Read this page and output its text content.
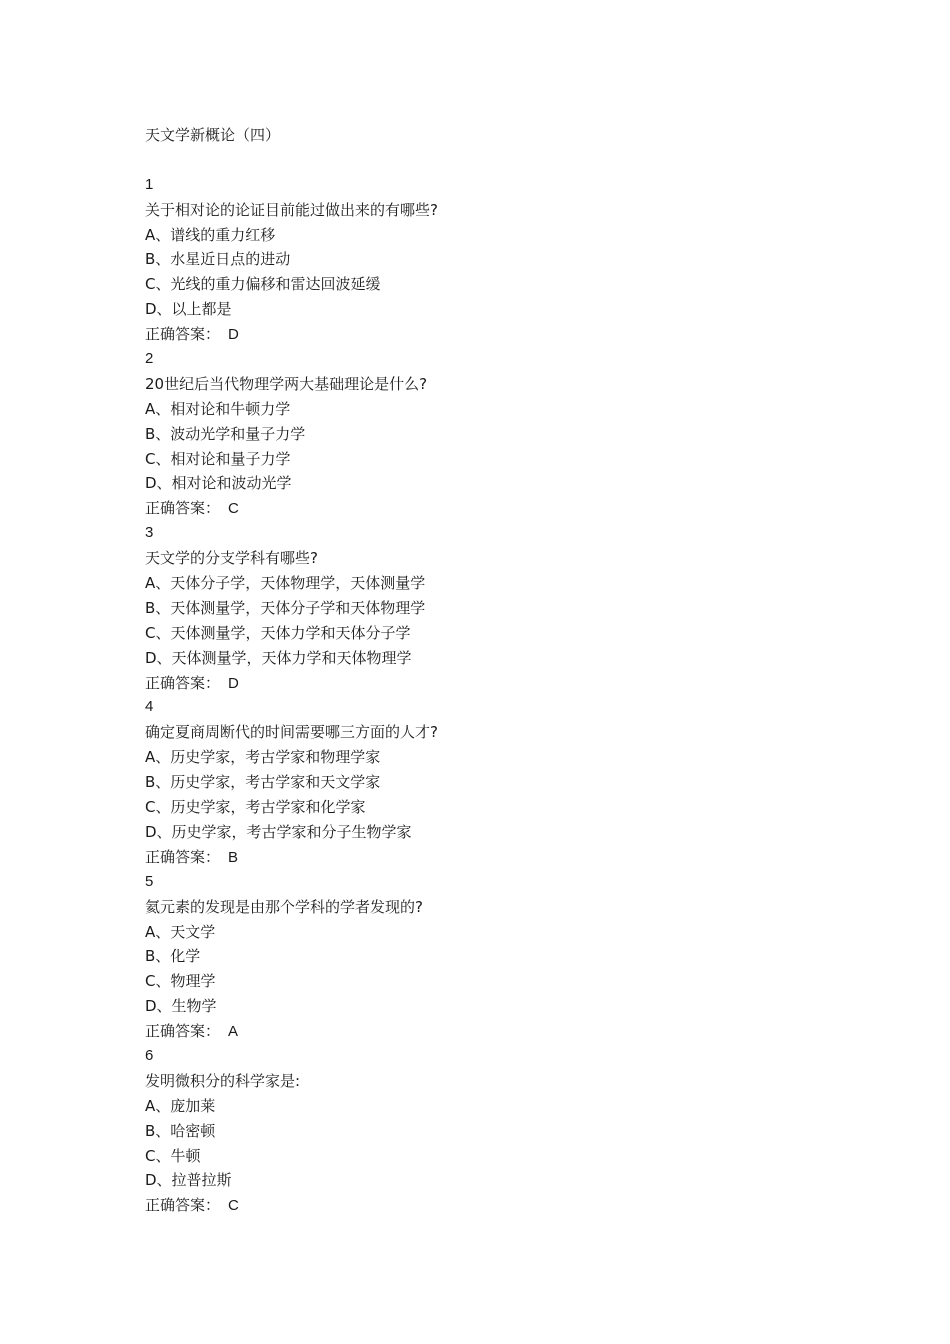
天文学新概论（四）
1
关于相对论的论证目前能过做出来的有哪些?
A、谱线的重力红移
B、水星近日点的进动
C、光线的重力偏移和雷达回波延缓
D、以上都是
正确答案： D
2
20世纪后当代物理学两大基础理论是什么?
A、相对论和牛顿力学
B、波动光学和量子力学
C、相对论和量子力学
D、相对论和波动光学
正确答案： C
3
天文学的分支学科有哪些?
A、天体分子学，天体物理学，天体测量学
B、天体测量学，天体分子学和天体物理学
C、天体测量学，天体力学和天体分子学
D、天体测量学，天体力学和天体物理学
正确答案： D
4
确定夏商周断代的时间需要哪三方面的人才?
A、历史学家，考古学家和物理学家
B、历史学家，考古学家和天文学家
C、历史学家，考古学家和化学家
D、历史学家，考古学家和分子生物学家
正确答案： B
5
氦元素的发现是由那个学科的学者发现的?
A、天文学
B、化学
C、物理学
D、生物学
正确答案： A
6
发明微积分的科学家是:
A、庞加莱
B、哈密顿
C、牛顿
D、拉普拉斯
正确答案： C
